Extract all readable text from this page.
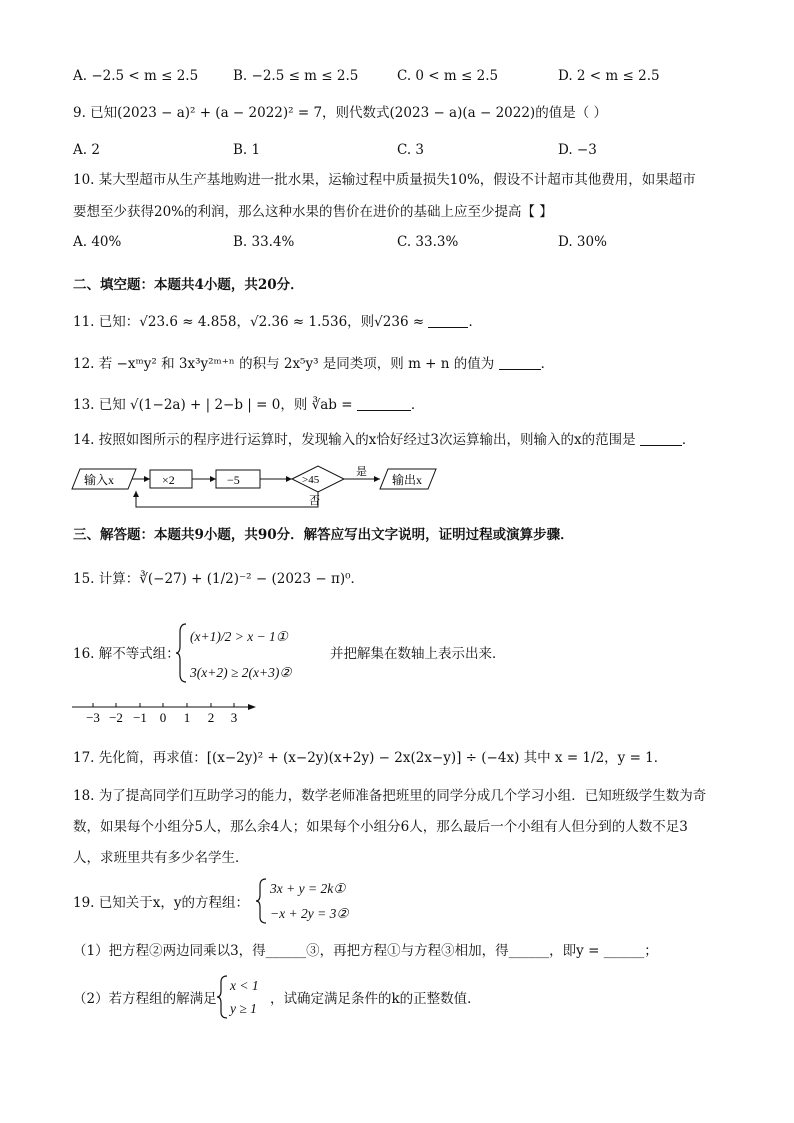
A. −2.5 < m ≤ 2.5	B. −2.5 ≤ m ≤ 2.5	C. 0 < m ≤ 2.5	D. 2 < m ≤ 2.5
9. 已知(2023 − a)² + (a − 2022)² = 7，则代数式(2023 − a)(a − 2022)的值是（ ）
A. 2	B. 1	C. 3	D. −3
10. 某大型超市从生产基地购进一批水果，运输过程中质量损失10%，假设不计超市其他费用，如果超市
要想至少获得20%的利润，那么这种水果的售价在进价的基础上应至少提高【 】
A. 40%	B. 33.4%	C. 33.3%	D. 30%
二、填空题：本题共4小题，共20分．
11. 已知：√23.6 ≈ 4.858，√2.36 ≈ 1.536，则√236 ≈	．
12. 若 −xᵐy² 和 3x³y²ᵐ⁺ⁿ 的积与 2x⁵y³ 是同类项，则 m + n 的值为	．
13. 已知 √(1−2a) + | 2−b | = 0，则 ∛ab =	．
14. 按照如图所示的程序进行运算时，发现输入的x恰好经过3次运算输出，则输入的x的范围是	．
输入x	×2	−5	>45
是
否
输出x
三、解答题：本题共9小题，共90分．解答应写出文字说明，证明过程或演算步骤．
15. 计算：∛(−27) + (1/2)⁻² − (2023 − π)⁰．
16. 解不等式组：
(x+1)/2 > x − 1①
3(x+2) ≥ 2(x+3)②
并把解集在数轴上表示出来．
−3 −2 −1 0 1 2 3
17. 先化简，再求值：[(x−2y)² + (x−2y)(x+2y) − 2x(2x−y)] ÷ (−4x) 其中 x = 1/2，y = 1．
18. 为了提高同学们互助学习的能力，数学老师准备把班里的同学分成几个学习小组．已知班级学生数为奇
数，如果每个小组分5人，那么余4人；如果每个小组分6人，那么最后一个小组有人但分到的人数不足3
人，求班里共有多少名学生．
19. 已知关于x，y的方程组：
3x + y = 2k①
−x + 2y = 3②
（1）把方程②两边同乘以3，得______③，再把方程①与方程③相加，得______，即y = ______；
（2）若方程组的解满足
x < 1
y ≥ 1
，试确定满足条件的k的正整数值．
